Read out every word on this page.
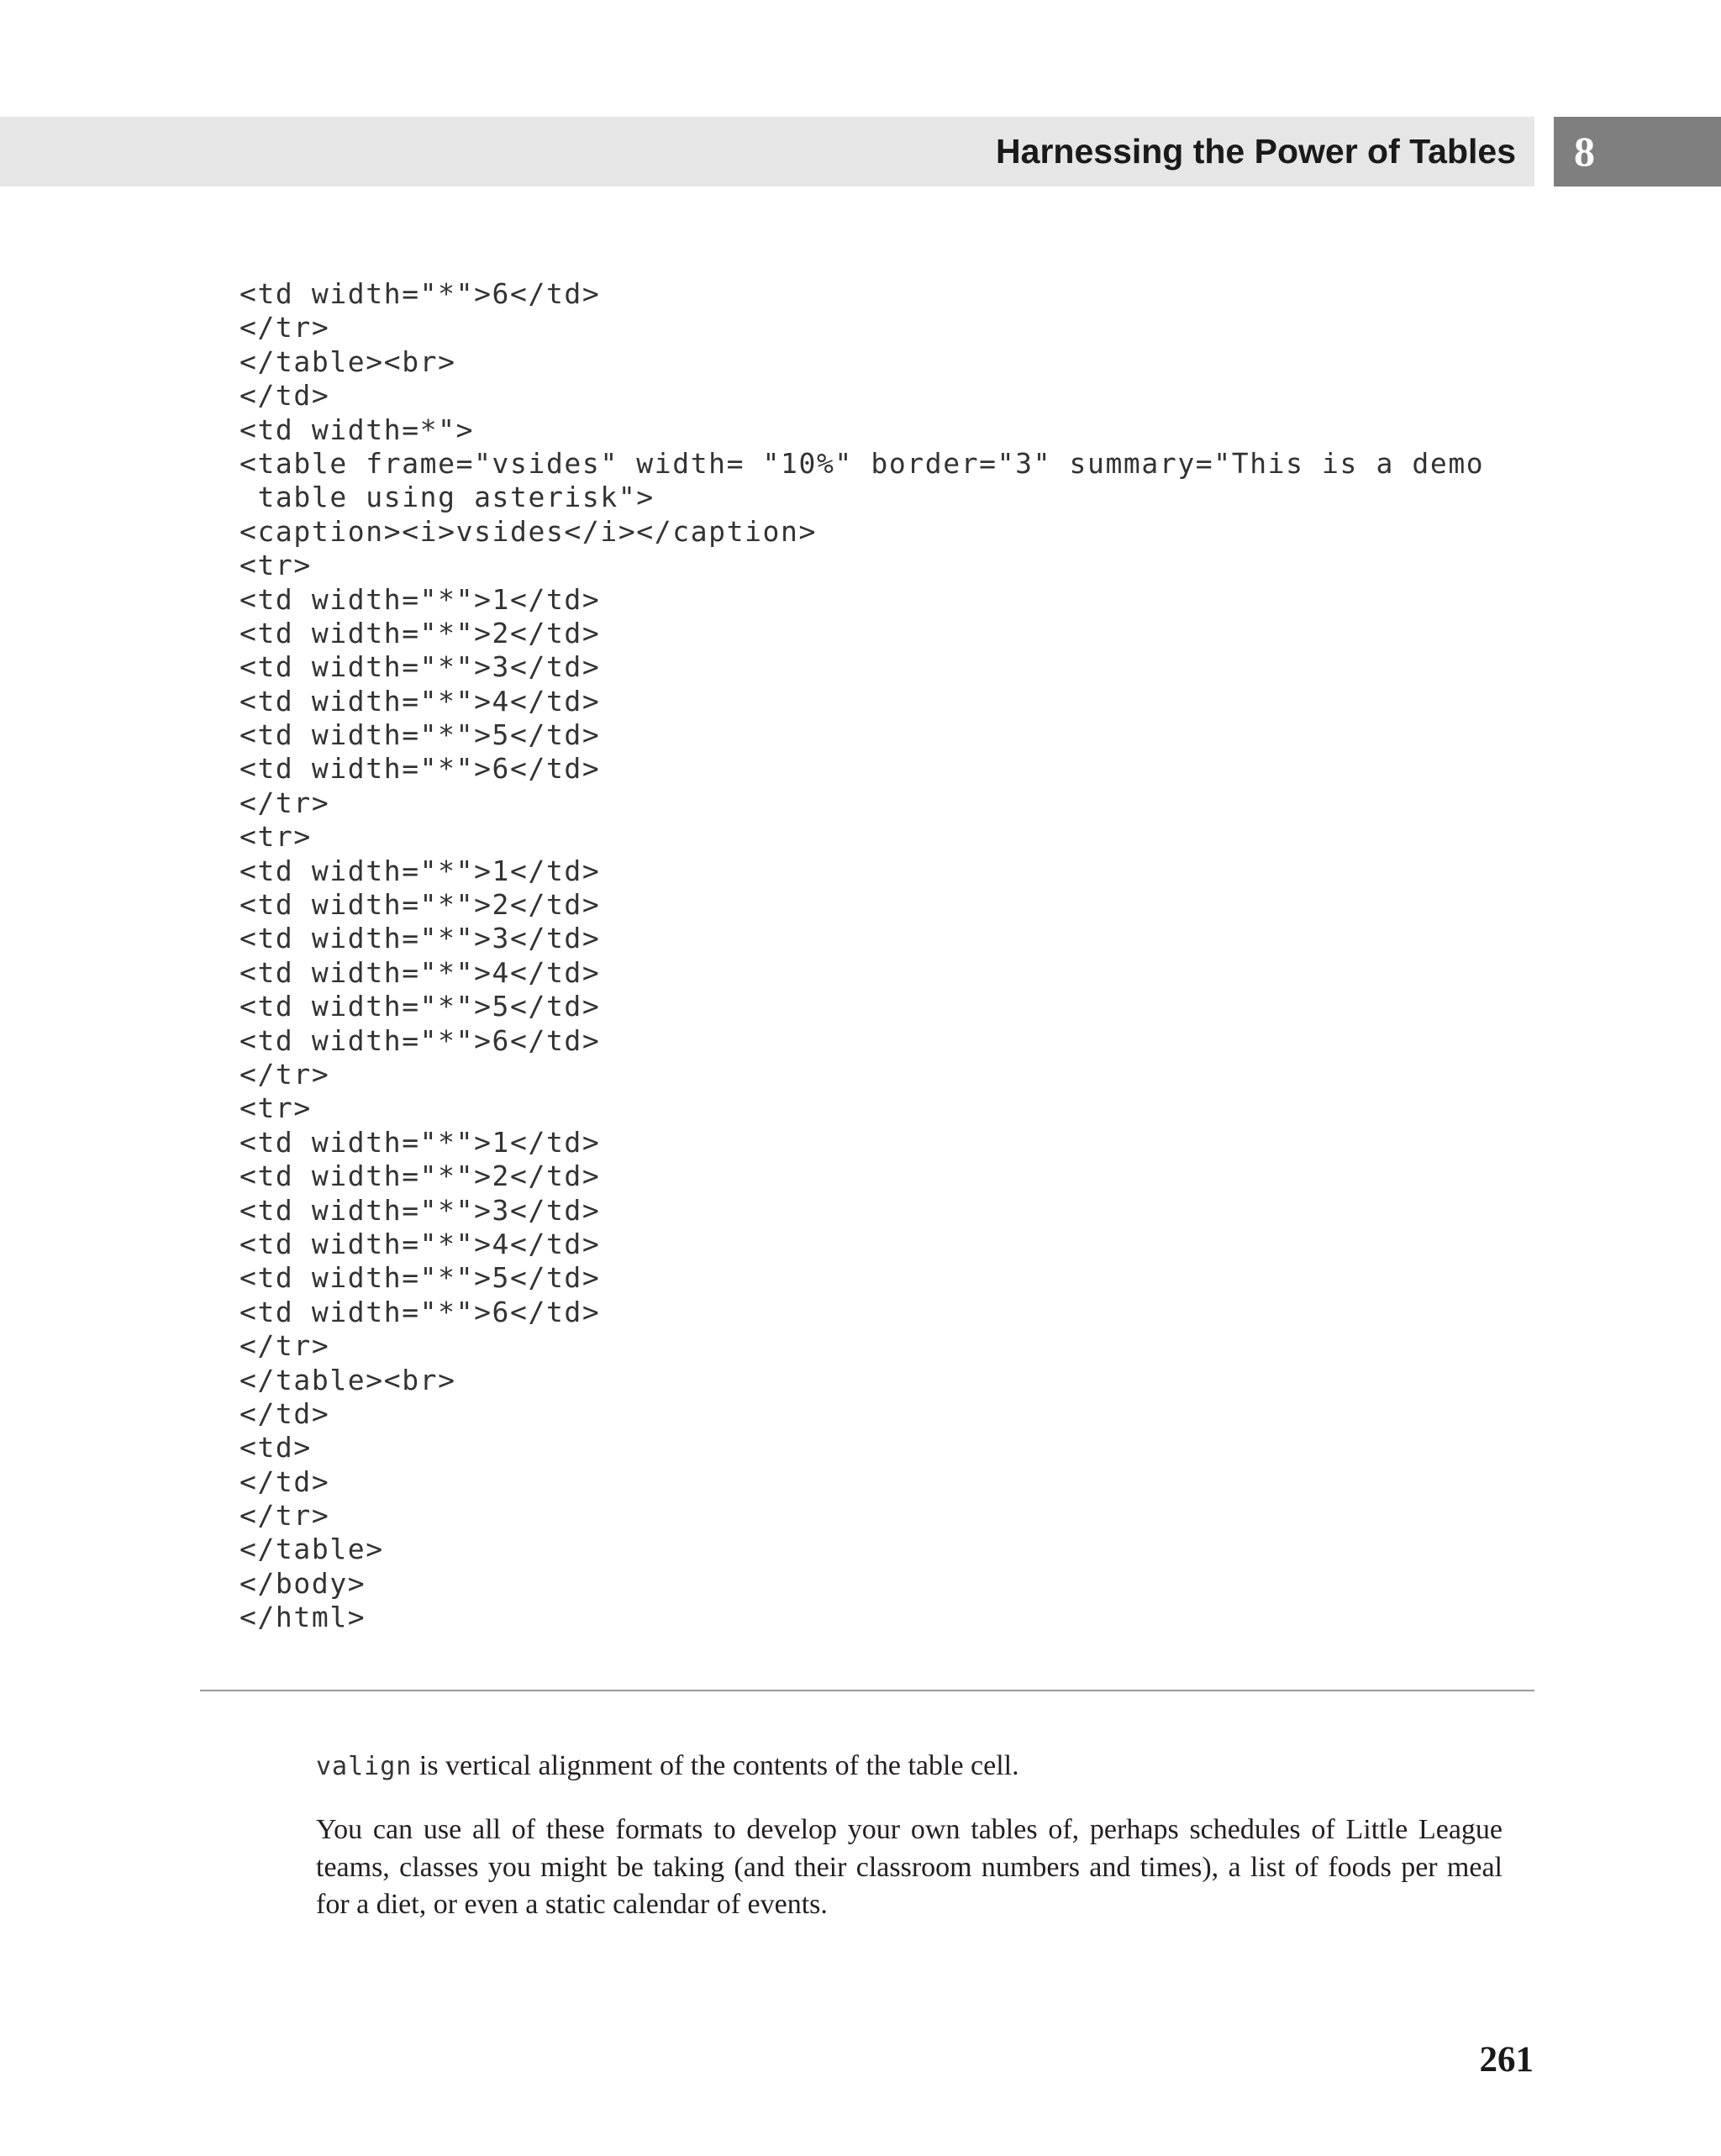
Harnessing the Power of Tables 8
<td width="*">6</td>
</tr>
</table><br>
</td>
<td width=*">
<table frame="vsides" width= "10%" border="3" summary="This is a demo
table using asterisk">
<caption><i>vsides</i></caption>
<tr>
<td width="*">1</td>
<td width="*">2</td>
<td width="*">3</td>
<td width="*">4</td>
<td width="*">5</td>
<td width="*">6</td>
</tr>
<tr>
<td width="*">1</td>
<td width="*">2</td>
<td width="*">3</td>
<td width="*">4</td>
<td width="*">5</td>
<td width="*">6</td>
</tr>
<tr>
<td width="*">1</td>
<td width="*">2</td>
<td width="*">3</td>
<td width="*">4</td>
<td width="*">5</td>
<td width="*">6</td>
</tr>
</table><br>
</td>
<td>
</td>
</tr>
</table>
</body>
</html>

valign is vertical alignment of the contents of the table cell.

You can use all of these formats to develop your own tables of, perhaps schedules of Little League teams, classes you might be taking (and their classroom numbers and times), a list of foods per meal for a diet, or even a static calendar of events.

261
